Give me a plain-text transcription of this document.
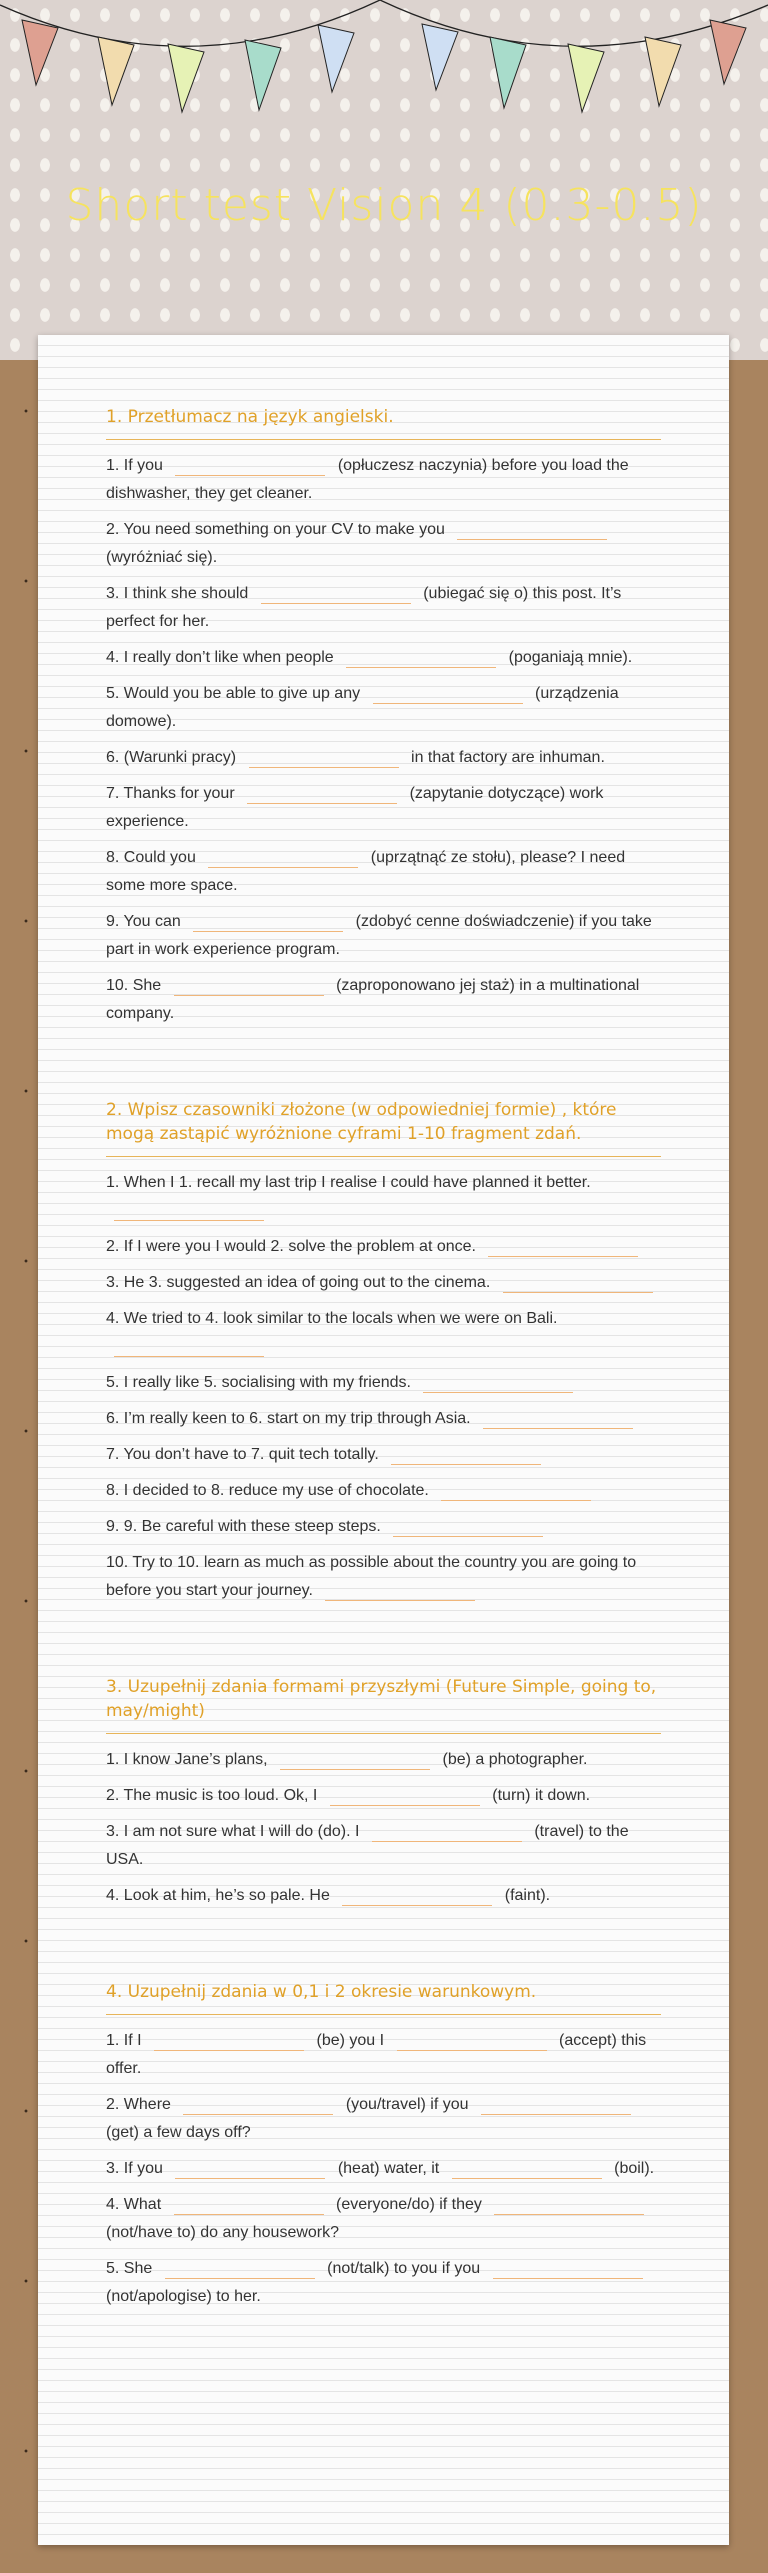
Short test Vision 4 (0.3-0.5)
1. Przetłumacz na język angielski.
1. If you	(opłuczesz naczynia) before you load the dishwasher, they get cleaner.
2. You need something on your CV to make you  (wyróżniać się).
3. I think she should	(ubiegać się o) this post. It’s perfect for her.
4. I really don’t like when people	(poganiają mnie).
5. Would you be able to give up any	(urządzenia domowe).
6. (Warunki pracy)	in that factory are inhuman.
7. Thanks for your	(zapytanie dotyczące) work experience.
8. Could you	(uprzątnąć ze stołu), please? I need some more space.
9. You can	(zdobyć cenne doświadczenie) if you take part in work experience program.
10. She	(zaproponowano jej staż) in a multinational company.
2. Wpisz czasowniki złożone (w odpowiedniej formie) , które mogą zastąpić wyróżnione cyframi 1-10 fragment zdań.
1. When I 1. recall my last trip I realise I could have planned it better.
2. If I were you I would 2. solve the problem at once.
3. He 3. suggested an idea of going out to the cinema.
4. We tried to 4. look similar to the locals when we were on Bali.
5. I really like 5. socialising with my friends.
6. I’m really keen to 6. start on my trip through Asia.
7. You don’t have to 7. quit tech totally.
8. I decided to 8. reduce my use of chocolate.
9. 9. Be careful with these steep steps.
10. Try to 10. learn as much as possible about the country you are going to before you start your journey.
3. Uzupełnij zdania formami przyszłymi (Future Simple, going to, may/might)
1. I know Jane’s plans,	(be) a photographer.
2. The music is too loud. Ok, I	(turn) it down.
3. I am not sure what I will do (do). I	(travel) to the USA.
4. Look at him, he’s so pale. He	(faint).
4. Uzupełnij zdania w 0,1 i 2 okresie warunkowym.
1. If I	(be) you I	(accept) this offer.
2. Where	(you/travel) if you  (get) a few days off?
3. If you	(heat) water, it	(boil).
4. What	(everyone/do) if they  (not/have to) do any housework?
5. She	(not/talk) to you if you  (not/apologise) to her.
